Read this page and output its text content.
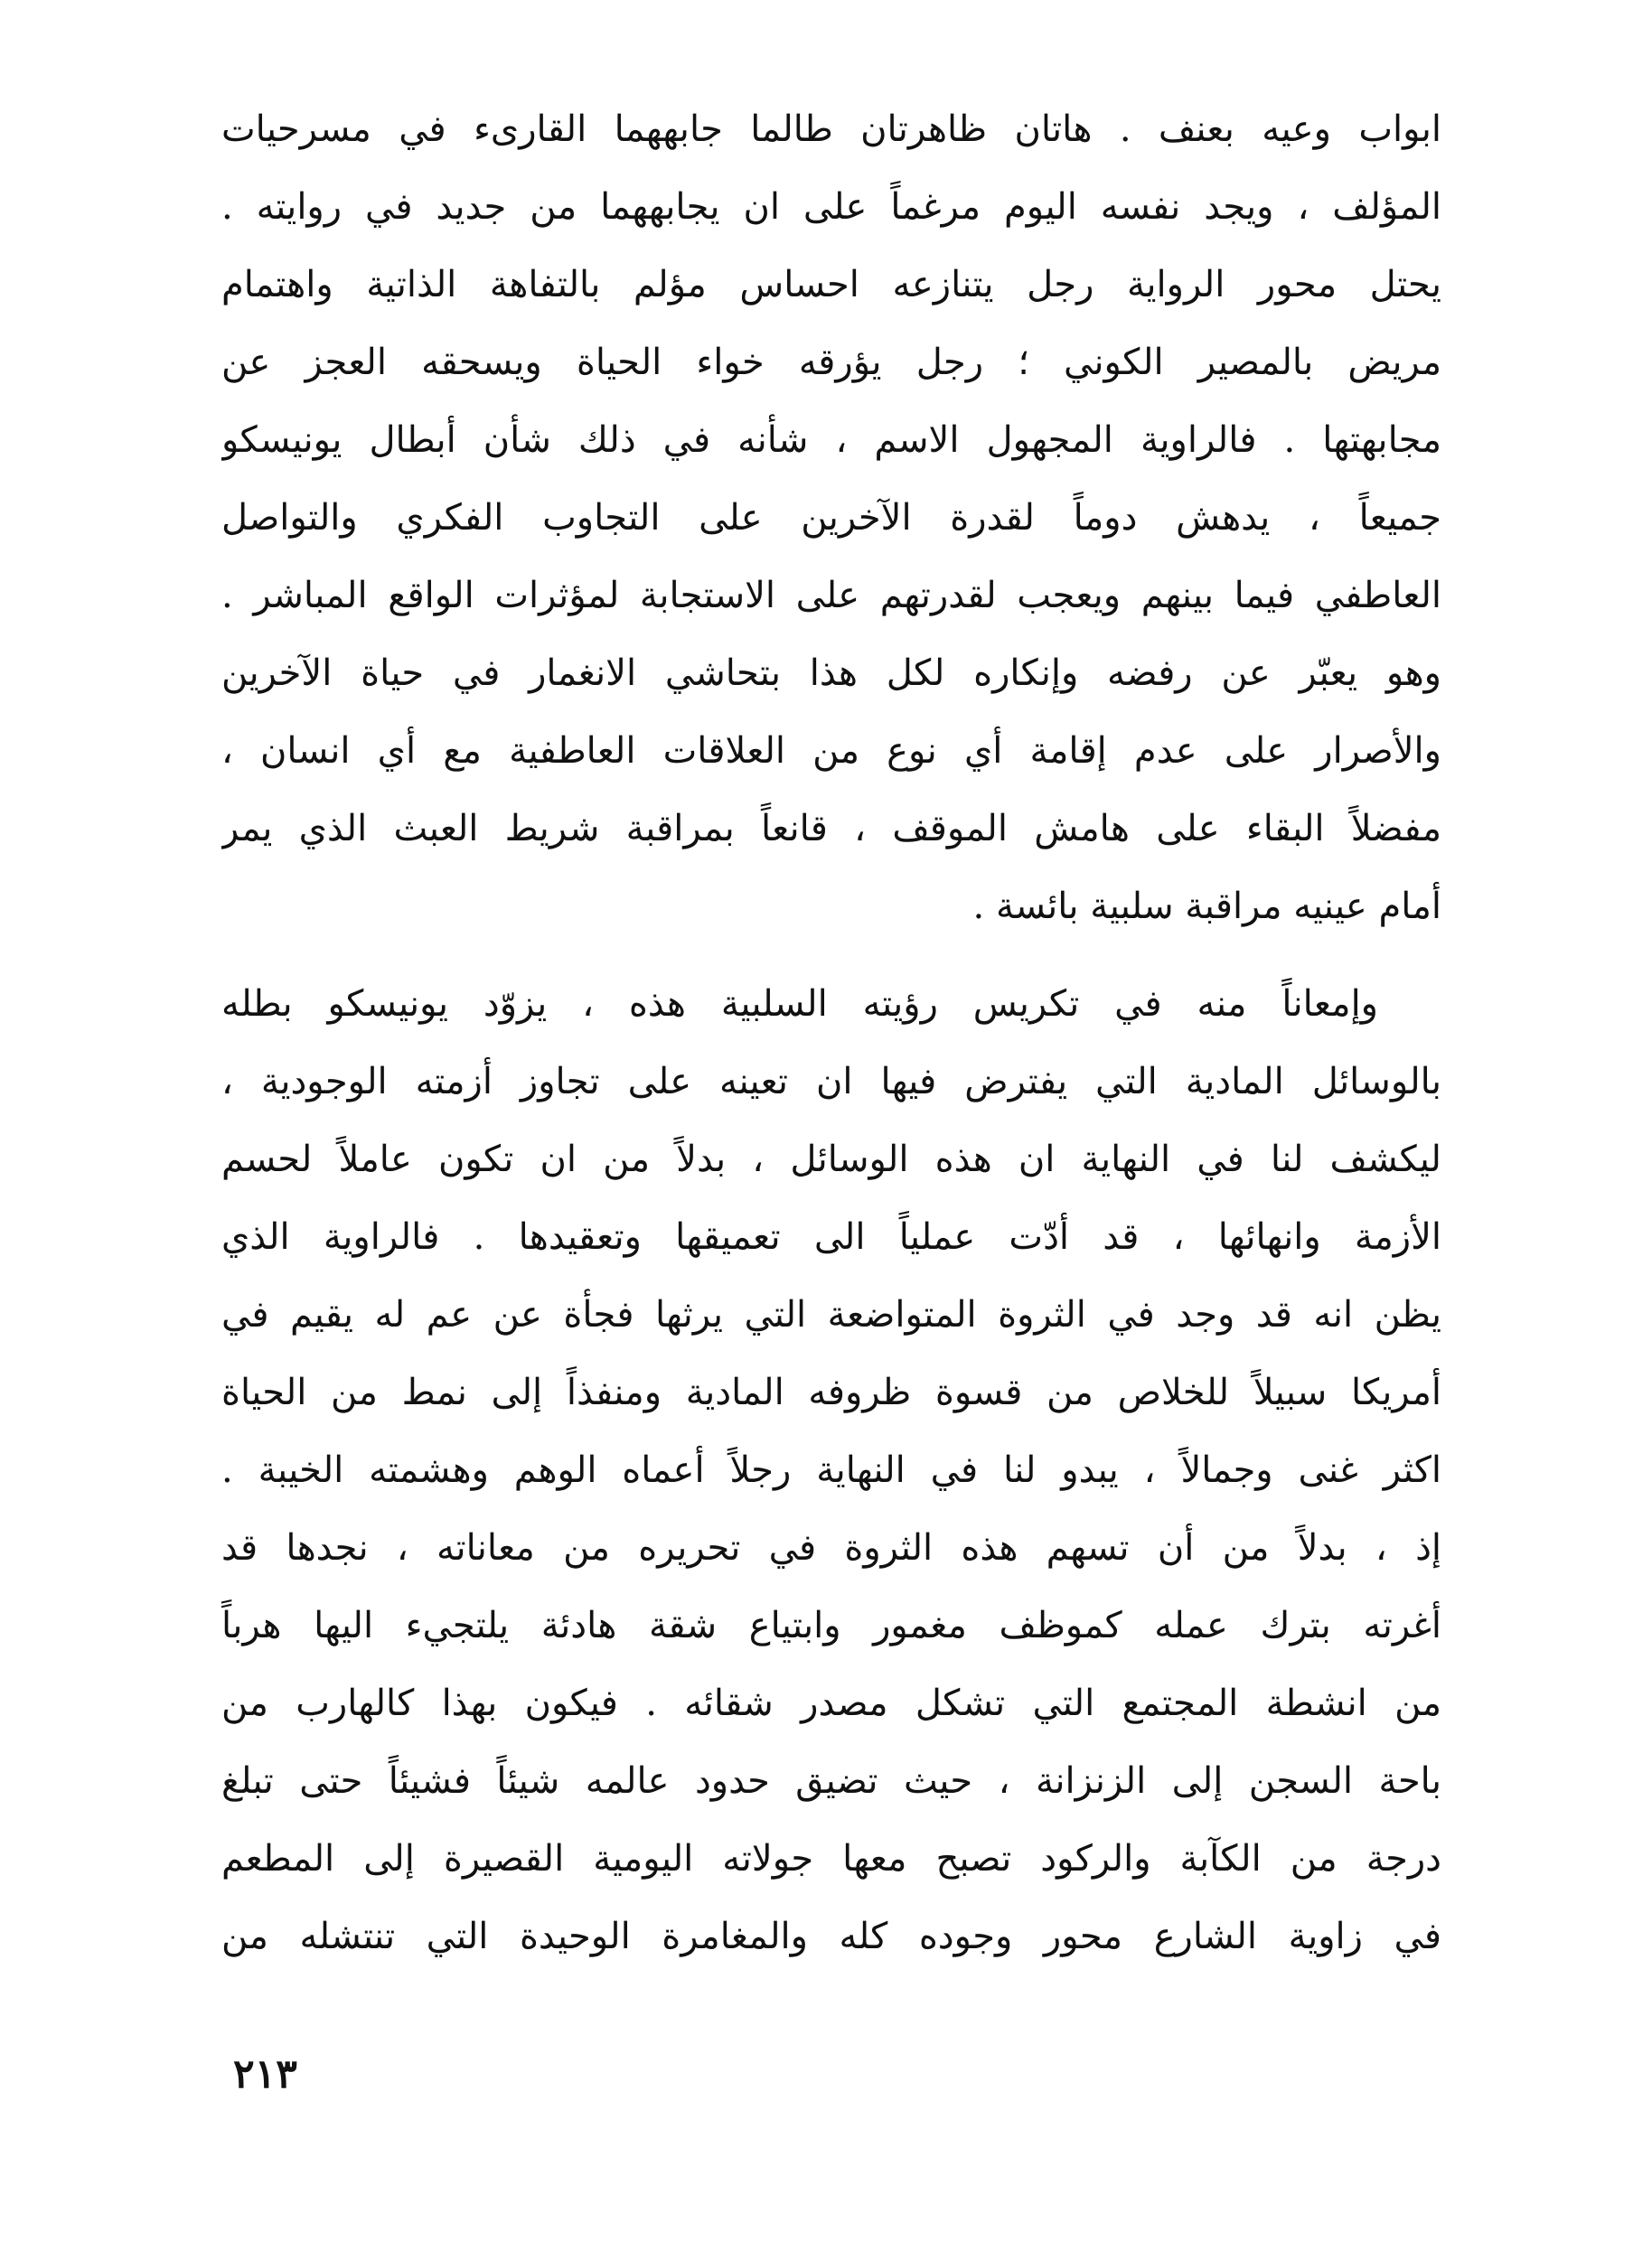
ابواب وعيه بعنف . هاتان ظاهرتان طالما جابههما القارىء في مسرحيات
المؤلف ، ويجد نفسه اليوم مرغماً على ان يجابههما من جديد في روايته .
يحتل محور الرواية رجل يتنازعه احساس مؤلم بالتفاهة الذاتية واهتمام
مريض بالمصير الكوني ؛ رجل يؤرقه خواء الحياة ويسحقه العجز عن
مجابهتها . فالراوية المجهول الاسم ، شأنه في ذلك شأن أبطال يونيسكو
جميعاً ، يدهش دوماً لقدرة الآخرين على التجاوب الفكري والتواصل
العاطفي فيما بينهم ويعجب لقدرتهم على الاستجابة لمؤثرات الواقع المباشر .
وهو يعبّر عن رفضه وإنكاره لكل هذا بتحاشي الانغمار في حياة الآخرين
والأصرار على عدم إقامة أي نوع من العلاقات العاطفية مع أي انسان ،
مفضلاً البقاء على هامش الموقف ، قانعاً بمراقبة شريط العبث الذي يمر
أمام عينيه مراقبة سلبية بائسة .
وإمعاناً منه في تكريس رؤيته السلبية هذه ، يزوّد يونيسكو بطله
بالوسائل المادية التي يفترض فيها ان تعينه على تجاوز أزمته الوجودية ،
ليكشف لنا في النهاية ان هذه الوسائل ، بدلاً من ان تكون عاملاً لحسم
الأزمة وانهائها ، قد أدّت عملياً الى تعميقها وتعقيدها . فالراوية الذي
يظن انه قد وجد في الثروة المتواضعة التي يرثها فجأة عن عم له يقيم في
أمريكا سبيلاً للخلاص من قسوة ظروفه المادية ومنفذاً إلى نمط من الحياة
اكثر غنى وجمالاً ، يبدو لنا في النهاية رجلاً أعماه الوهم وهشمته الخيبة .
إذ ، بدلاً من أن تسهم هذه الثروة في تحريره من معاناته ، نجدها قد
أغرته بترك عمله كموظف مغمور وابتياع شقة هادئة يلتجيء اليها هرباً
من انشطة المجتمع التي تشكل مصدر شقائه . فيكون بهذا كالهارب من
باحة السجن إلى الزنزانة ، حيث تضيق حدود عالمه شيئاً فشيئاً حتى تبلغ
درجة من الكآبة والركود تصبح معها جولاته اليومية القصيرة إلى المطعم
في زاوية الشارع محور وجوده كله والمغامرة الوحيدة التي تنتشله من
٢١٣
